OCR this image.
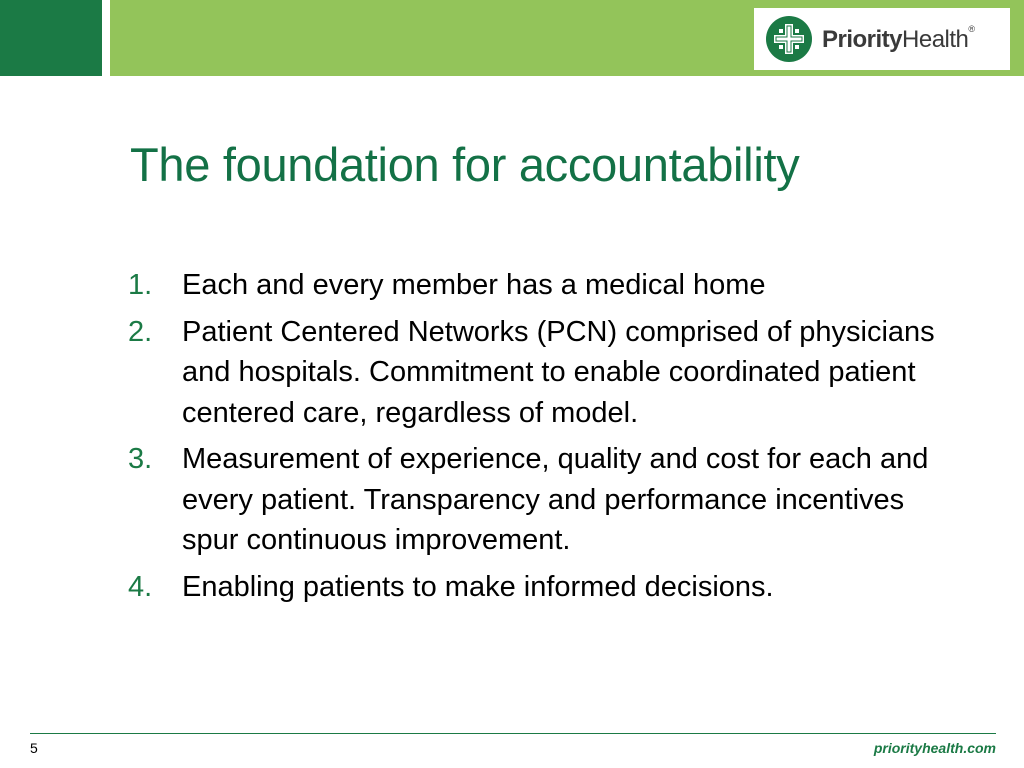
PriorityHealth®
The foundation for accountability
1. Each and every member has a medical home
2. Patient Centered Networks (PCN) comprised of physicians and hospitals. Commitment to enable coordinated patient centered care, regardless of model.
3. Measurement of experience, quality and cost for each and every patient. Transparency and performance incentives spur continuous improvement.
4. Enabling patients to make informed decisions.
5	priorityhealth.com
